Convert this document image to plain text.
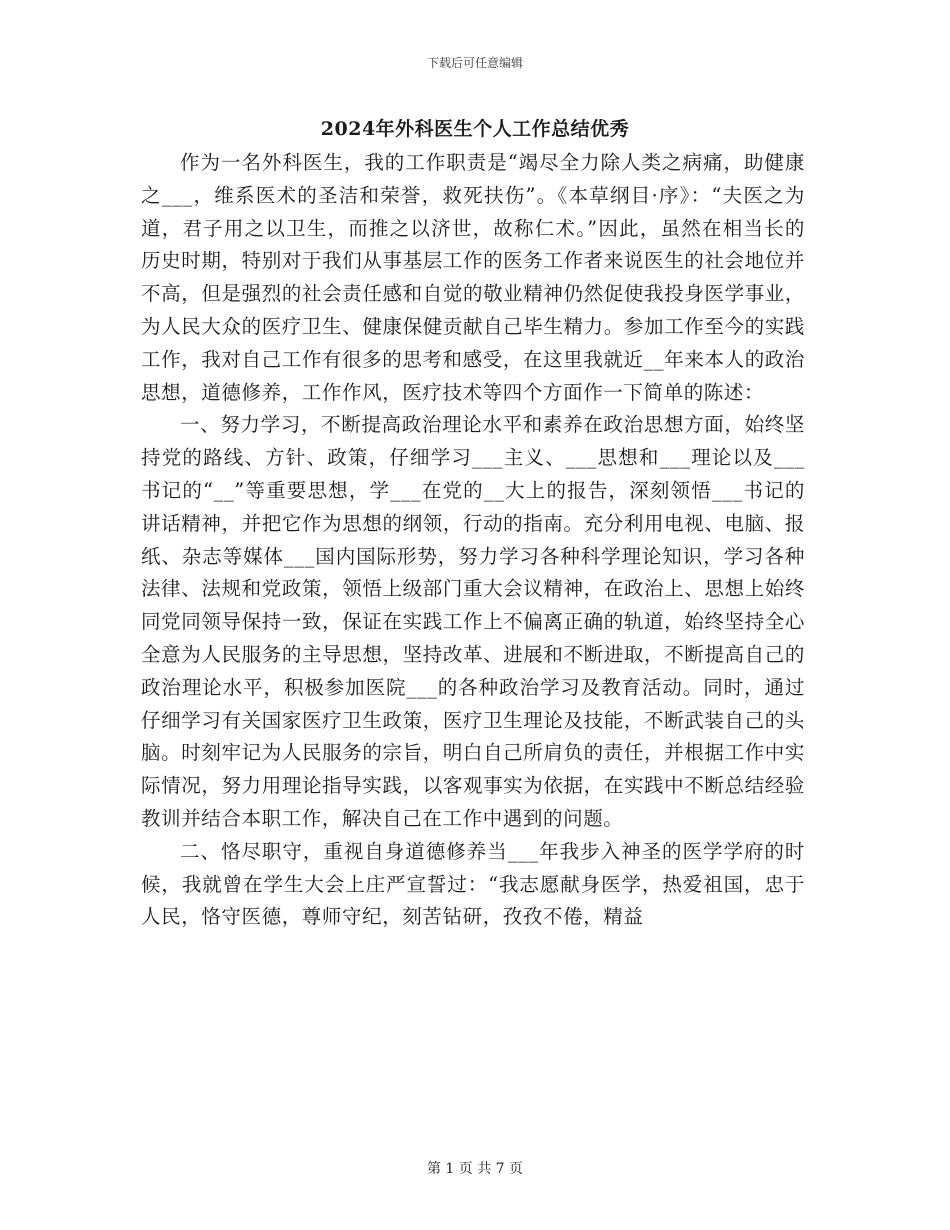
下载后可任意编辑
2024年外科医生个人工作总结优秀

作为一名外科医生，我的工作职责是“竭尽全力除人类之病痛，助健康之___，维系医术的圣洁和荣誉，救死扶伤”。《本草纲目·序》：“夫医之为道，君子用之以卫生，而推之以济世，故称仁术。”因此，虽然在相当长的历史时期，特别对于我们从事基层工作的医务工作者来说医生的社会地位并不高，但是强烈的社会责任感和自觉的敬业精神仍然促使我投身医学事业，为人民大众的医疗卫生、健康保健贡献自己毕生精力。参加工作至今的实践工作，我对自己工作有很多的思考和感受，在这里我就近__年来本人的政治思想，道德修养，工作作风，医疗技术等四个方面作一下简单的陈述：

一、努力学习，不断提高政治理论水平和素养在政治思想方面，始终坚持党的路线、方针、政策，仔细学习___主义、___思想和___理论以及___书记的“__”等重要思想，学___在党的__大上的报告，深刻领悟___书记的讲话精神，并把它作为思想的纲领，行动的指南。充分利用电视、电脑、报纸、杂志等媒体___国内国际形势，努力学习各种科学理论知识，学习各种法律、法规和党政策，领悟上级部门重大会议精神，在政治上、思想上始终同党同领导保持一致，保证在实践工作上不偏离正确的轨道，始终坚持全心全意为人民服务的主导思想，坚持改革、进展和不断进取，不断提高自己的政治理论水平，积极参加医院___的各种政治学习及教育活动。同时，通过仔细学习有关国家医疗卫生政策，医疗卫生理论及技能，不断武装自己的头脑。时刻牢记为人民服务的宗旨，明白自己所肩负的责任，并根据工作中实际情况，努力用理论指导实践，以客观事实为依据，在实践中不断总结经验教训并结合本职工作，解决自己在工作中遇到的问题。

二、恪尽职守，重视自身道德修养当___年我步入神圣的医学学府的时候，我就曾在学生大会上庄严宣誓过：“我志愿献身医学，热爱祖国，忠于人民，恪守医德，尊师守纪，刻苦钻研，孜孜不倦，精益

第 1 页 共 7 页
